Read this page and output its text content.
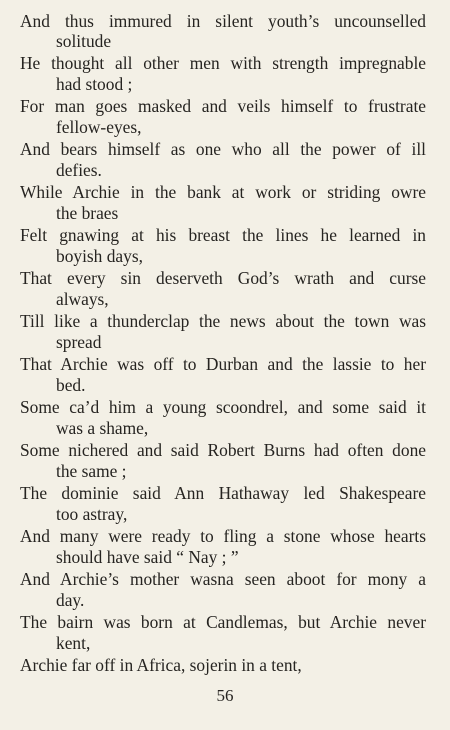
And thus immured in silent youth’s uncounselled
solitude
He thought all other men with strength impregnable
had stood ;
For man goes masked and veils himself to frustrate
fellow-eyes,
And bears himself as one who all the power of ill
defies.
While Archie in the bank at work or striding owre
the braes
Felt gnawing at his breast the lines he learned in
boyish days,
That every sin deserveth God’s wrath and curse
always,
Till like a thunderclap the news about the town was
spread
That Archie was off to Durban and the lassie to her
bed.
Some ca’d him a young scoondrel, and some said it
was a shame,
Some nichered and said Robert Burns had often done
the same ;
The dominie said Ann Hathaway led Shakespeare
too astray,
And many were ready to fling a stone whose hearts
should have said “ Nay ; ”
And Archie’s mother wasna seen aboot for mony a
day.
The bairn was born at Candlemas, but Archie never
kent,
Archie far off in Africa, sojerin in a tent,
56
